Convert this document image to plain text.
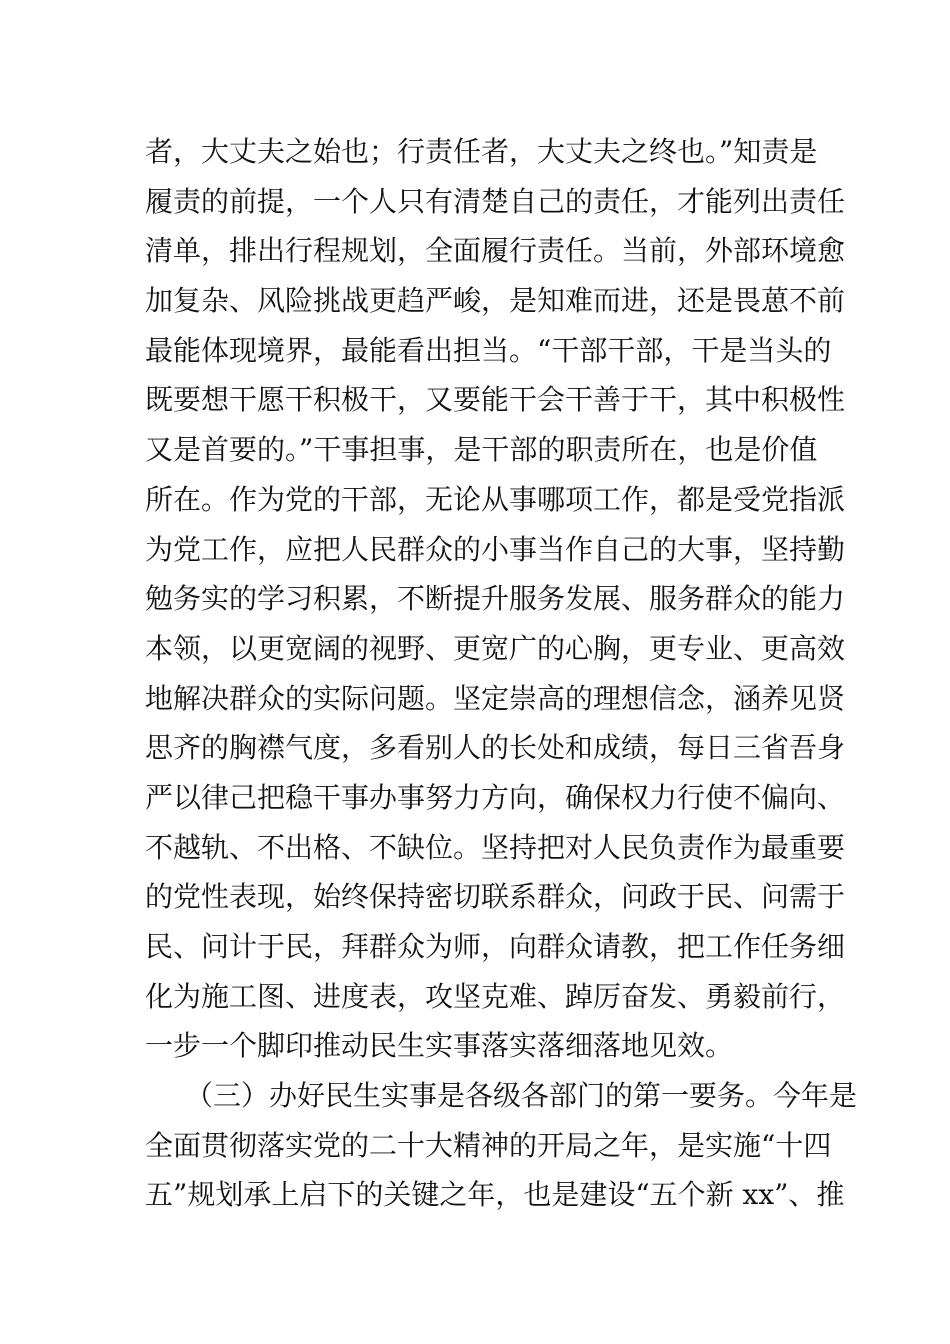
者，大丈夫之始也；行责任者，大丈夫之终也。”知责是
履责的前提，一个人只有清楚自己的责任，才能列出责任
清单，排出行程规划，全面履行责任。当前，外部环境愈
加复杂、风险挑战更趋严峻，是知难而进，还是畏葸不前
最能体现境界，最能看出担当。“干部干部，干是当头的
既要想干愿干积极干，又要能干会干善于干，其中积极性
又是首要的。”干事担事，是干部的职责所在，也是价值
所在。作为党的干部，无论从事哪项工作，都是受党指派
为党工作，应把人民群众的小事当作自己的大事，坚持勤
勉务实的学习积累，不断提升服务发展、服务群众的能力
本领，以更宽阔的视野、更宽广的心胸，更专业、更高效
地解决群众的实际问题。坚定崇高的理想信念，涵养见贤
思齐的胸襟气度，多看别人的长处和成绩，每日三省吾身
严以律己把稳干事办事努力方向，确保权力行使不偏向、
不越轨、不出格、不缺位。坚持把对人民负责作为最重要
的党性表现，始终保持密切联系群众，问政于民、问需于
民、问计于民，拜群众为师，向群众请教，把工作任务细
化为施工图、进度表，攻坚克难、踔厉奋发、勇毅前行，
一步一个脚印推动民生实事落实落细落地见效。
（三）办好民生实事是各级各部门的第一要务。今年是
全面贯彻落实党的二十大精神的开局之年，是实施“十四
五”规划承上启下的关键之年，也是建设“五个新 xx”、推
